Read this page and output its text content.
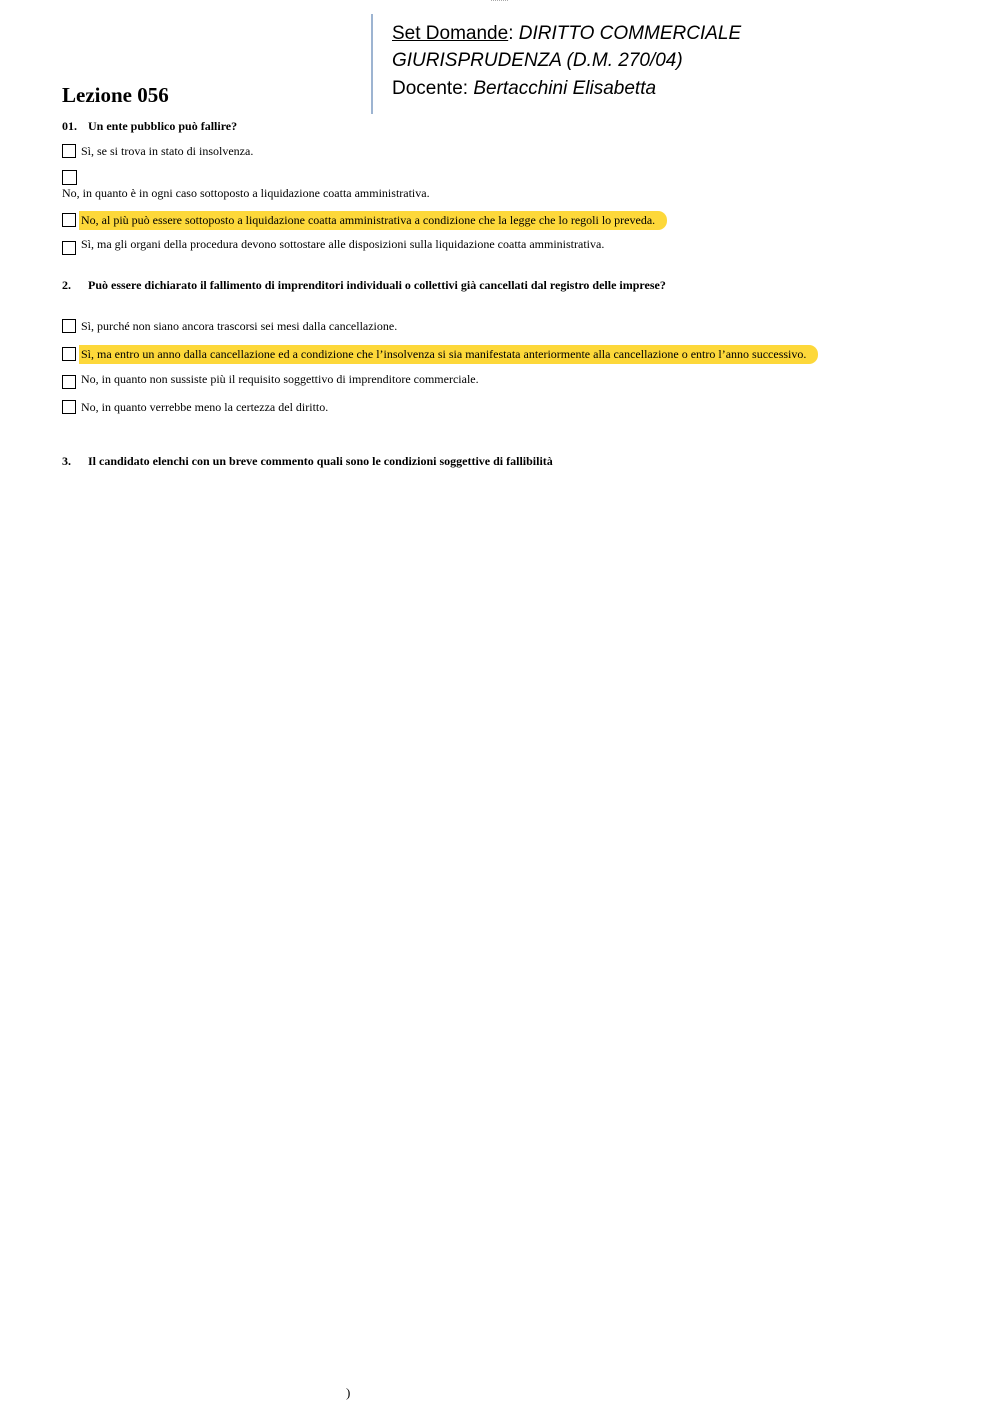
Set Domande: DIRITTO COMMERCIALE
GIURISPRUDENZA (D.M. 270/04)
Docente: Bertacchini Elisabetta
Lezione 056
01. Un ente pubblico può fallire?
Sì, se si trova in stato di insolvenza.
No, in quanto è in ogni caso sottoposto a liquidazione coatta amministrativa.
No, al più può essere sottoposto a liquidazione coatta amministrativa a condizione che la legge che lo regoli lo preveda.
Sì, ma gli organi della procedura devono sottostare alle disposizioni sulla liquidazione coatta amministrativa.
2. Può essere dichiarato il fallimento di imprenditori individuali o collettivi già cancellati dal registro delle imprese?
Sì, purché non siano ancora trascorsi sei mesi dalla cancellazione.
Sì, ma entro un anno dalla cancellazione ed a condizione che l’insolvenza si sia manifestata anteriormente alla cancellazione o entro l’anno successivo.
No, in quanto non sussiste più il requisito soggettivo di imprenditore commerciale.
No, in quanto verrebbe meno la certezza del diritto.
3. Il candidato elenchi con un breve commento quali sono le condizioni soggettive di fallibilità
)
